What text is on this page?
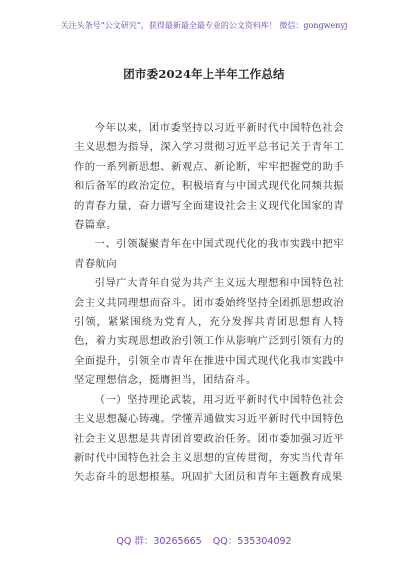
关注头条号“公文研究”，获得最新最全最专业的公文资料库！ 微信：gongwenyj
团市委2024年上半年工作总结

今年以来，团市委坚持以习近平新时代中国特色社会主义思想为指导，深入学习贯彻习近平总书记关于青年工作的一系列新思想、新观点、新论断，牢牢把握党的助手和后备军的政治定位，积极培育与中国式现代化同频共振的青春力量，奋力谱写全面建设社会主义现代化国家的青春篇章。

一、引领凝聚青年在中国式现代化的我市实践中把牢青春航向

引导广大青年自觉为共产主义远大理想和中国特色社会主义共同理想而奋斗。团市委始终坚持全团抓思想政治引领，紧紧围绕为党育人，充分发挥共青团思想育人特色，着力实现思想政治引领工作从影响广泛到引领有力的全面提升，引领全市青年在推进中国式现代化我市实践中坚定理想信念，挺膺担当，团结奋斗。

（一）坚持理论武装，用习近平新时代中国特色社会主义思想凝心铸魂。学懂弄通做实习近平新时代中国特色社会主义思想是共青团首要政治任务。团市委加强习近平新时代中国特色社会主义思想的宣传贯彻，夯实当代青年矢志奋斗的思想根基。巩固扩大团员和青年主题教育成果

QQ 群：30265665 QQ：535304092
